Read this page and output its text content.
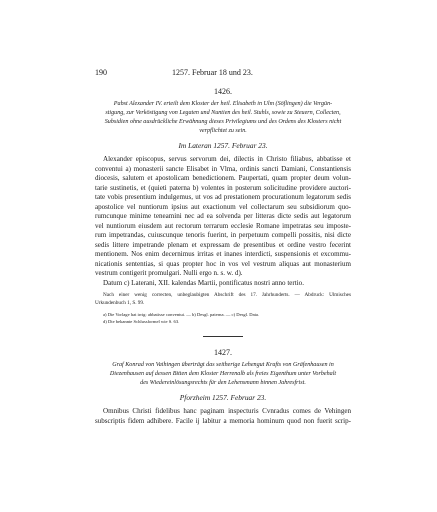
190	1257. Februar 18 und 23.
1426.
Pabst Alexander IV. erteilt dem Kloster der heil. Elisabeth in Ulm (Söflingen) die Vergün-
stigung, zur Verköstigung von Legaten und Nuntien des heil. Stuhls, sowie zu Steuern, Collecten,
Subsidien ohne ausdrückliche Erwähnung dieses Privilegiums und des Ordens des Klosters nicht
verpflichtet zu sein.
Im Lateran 1257. Februar 23.
Alexander episcopus, servus servorum dei, dilectis in Christo filiabus, abbatisse et
conventui a) monasterii sancte Elisabet in Vlma, ordinis sancti Damiani, Constantiensis
diocesis, salutem et apostolicam benedictionem. Paupertati, quam propter deum volun-
tarie sustinetis, et (quieti paterna b) volentes in posterum solicitudine providere auctori-
tate vobis presentium indulgemus, ut vos ad prestationem procurationum legatorum sedis
apostolice vel nuntiorum ipsius aut exactionum vel collectarum seu subsidiorum quo-
rumcunque minime teneamini nec ad ea solvenda per litteras dicte sedis aut legatorum
vel nuntiorum eiusdem aut rectorum terrarum ecclesie Romane impetratas seu imposte-
rum impetrandas, cuiuscunque tenoris fuerint, in perpetuum compelli possitis, nisi dicte
sedis littere impetrande plenam et expressam de presentibus et ordine vestro fecerint
mentionem. Nos enim decernimus irritas et inanes interdicti, suspensionis et excommu-
nicationis sententias, si quas propter hoc in vos vel vestrum aliquas aut monasterium
vestrum contigerit promulgari. Nulli ergo n. s. w. d).
Datum c) Laterani, XII. kalendas Martii, pontificatus nostri anno tertio.
Nach einer wenig correcten, unbeglaubigten Abschrift des 17. Jahrhunderts. — Abdruck: Ulmisches
Urkundenbuch 1, S. 99.
a) Die Vorlage hat irrig: abbatisse conventui. — b) Desgl. paterna. — c) Desgl. Data.
d) Die bekannte Schlussformel wie S. 63.
1427.
Graf Konrad von Vaihingen überträgt das seitherige Lehengut Krafts von Gräfenhausen in
Diezenhausen auf dessen Bitten dem Kloster Herrenalb als freies Eigenthum unter Vorbehalt
des Wiedereinlösungsrechts für den Lehensmann binnen Jahresfrist.
Pforzheim 1257. Februar 23.
Omnibus Christi fidelibus hanc paginam inspecturis Cvnradus comes de Vehingen
subscriptis fidem adhibere. Facile ij labitur a memoria hominum quod non fuerit scrip-
